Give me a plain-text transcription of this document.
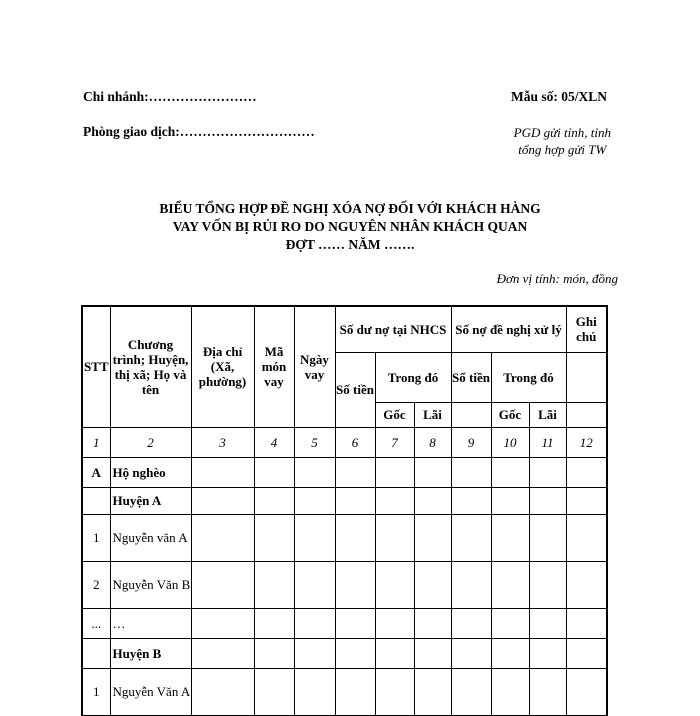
Chi nhánh:……………………	Mẫu số: 05/XLN
Phòng giao dịch:…………………………	PGD gửi tỉnh, tỉnh
tổng hợp gửi TW
BIỂU TỔNG HỢP ĐỀ NGHỊ XÓA NỢ ĐỐI VỚI KHÁCH HÀNG
VAY VỐN BỊ RỦI RO DO NGUYÊN NHÂN KHÁCH QUAN
ĐỢT …… NĂM …….
Đơn vị tính: món, đồng
STT	Chương trình; Huyện, thị xã; Họ và tên	Địa chỉ (Xã, phường)	Mã món vay	Ngày vay	Số dư nợ tại NHCS			Số nợ đề nghị xử lý			Ghi chú
					Số tiền	Trong đó		Số tiền	Trong đó		
						Gốc	Lãi		Gốc	Lãi	
1	2	3	4	5	6	7	8	9	10	11	12
A	Hộ nghèo										
	Huyện A										
1	Nguyễn văn A										
2	Nguyễn Văn B										
...	…										
	Huyện B										
1	Nguyễn Văn A										
